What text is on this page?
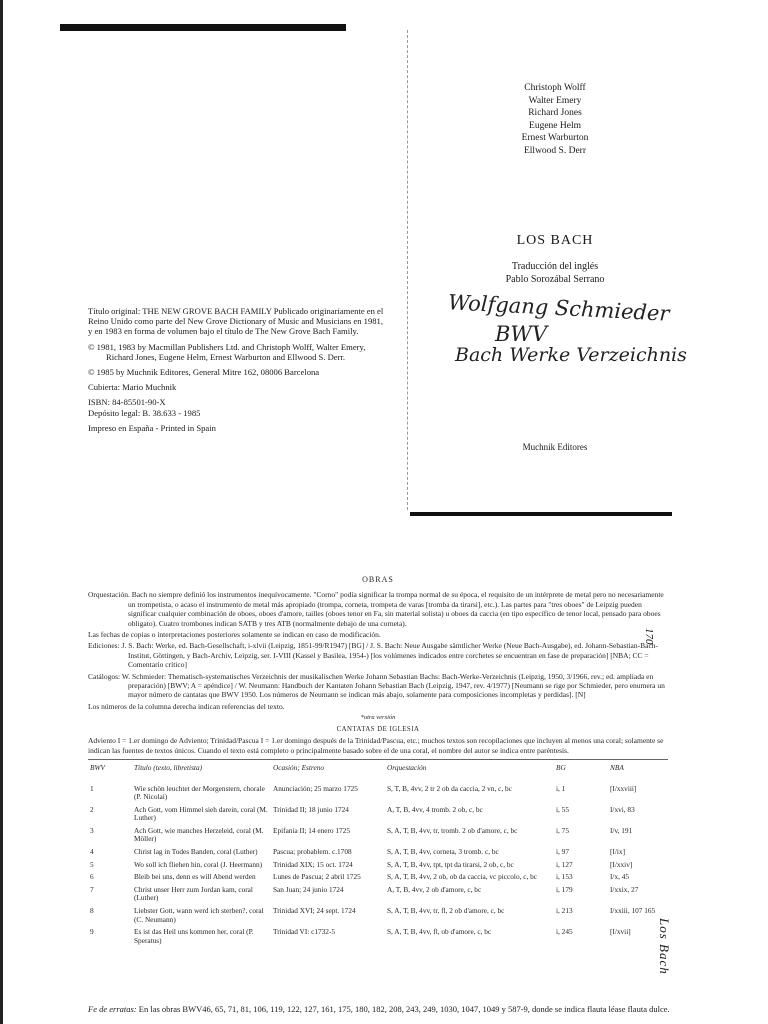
Christoph Wolff
Walter Emery
Richard Jones
Eugene Helm
Ernest Warburton
Ellwood S. Derr
LOS BACH
Traducción del inglés
Pablo Sorozábal Serrano
Wolfgang Schmieder
BWV
Bach Werke Verzeichnis
Muchnik Editores

Título original: THE NEW GROVE BACH FAMILY Publicado originariamente en el Reino Unido como parte del New Grove Dictionary of Music and Musicians en 1981, y en 1983 en forma de volumen bajo el título de The New Grove Bach Family.

© 1981, 1983 by Macmillan Publishers Ltd. and Christoph Wolff, Walter Emery, Richard Jones, Eugene Helm, Ernest Warburton and Ellwood S. Derr.

© 1985 by Muchnik Editores, General Mitre 162, 08006 Barcelona

Cubierta: Mario Muchnik

ISBN: 84-85501-90-X

Depósito legal: B. 38.633 - 1985

Impreso en España - Printed in Spain

OBRAS

Orquestación. Bach no siempre definió los instrumentos inequívocamente. "Corno" podía significar la trompa normal de su época, el requisito de un intérprete de metal pero no necesariamente un trompetista, o acaso el instrumento de metal más apropiado (trompa, corneta, trompeta de varas [tromba da tirarsi], etc.). Las partes para "tres oboes" de Leipzig pueden significar cualquier combinación de oboes, oboes d'amore, tailles (oboes tenor en Fa, sin material solista) u oboes da caccia (en tipo específico de tenor local, pensado para oboes obligato). Cuatro trombones indican SATB y tres ATB (normalmente debajo de una corneta).

Las fechas de copias o interpretaciones posteriores solamente se indican en caso de modificación.

Ediciones: J. S. Bach: Werke, ed. Bach-Gesellschaft, i-xlvii (Leipzig, 1851-99/R1947) [BG] / J. S. Bach: Neue Ausgabe sämtlicher Werke (Neue Bach-Ausgabe), ed. Johann-Sebastian-Bach-Institut, Göttingen, y Bach-Archiv, Leipzig, ser. I-VIII (Kassel y Basilea, 1954-) [los volúmenes indicados entre corchetes se encuentran en fase de preparación] [NBA; CC = Comentario crítico]

Catálogos: W. Schmieder: Thematisch-systematisches Verzeichnis der musikalischen Werke Johann Sebastian Bachs: Bach-Werke-Verzeichnis (Leipzig, 1950, 3/1966, rev.; ed. ampliada en preparación) [BWV; A = apéndice] / W. Neumann: Handbuch der Kantaten Johann Sebastian Bach (Leipzig, 1947, rev. 4/1977) [Neumann se rige por Schmieder, pero enumera un mayor número de cantatas que BWV 1950. Los números de Neumann se indican más abajo, solamente para composiciones incompletas y perdidas]. [N]

Los números de la columna derecha indican referencias del texto.

*otra versión

CANTATAS DE IGLESIA

Adviento I = 1.er domingo de Adviento; Trinidad/Pascua I = 1.er domingo después de la Trinidad/Pascua, etc.; muchos textos son recopilaciones que incluyen al menos una coral; solamente se indican las fuentes de textos únicos. Cuando el texto está completo o principalmente basado sobre el de una coral, el nombre del autor se indica entre paréntesis.

BWV	Título (texto, libretista)	Ocasión; Estreno	Orquestación	BG	NBA
1	Wie schön leuchtet der Morgenstern, chorale (P. Nicolai)	Anunciación; 25 marzo 1725	S, T, B, 4vv, 2 tr 2 ob da caccia, 2 vn, c, bc	i, 1	[I/xxviii]
2	Ach Gott, vom Himmel sieh darein, coral (M. Luther)	Trinidad II; 18 junio 1724	A, T, B, 4vv, 4 tromb. 2 ob, c, bc	i, 55	I/xvi, 83
3	Ach Gott, wie manches Herzeleid, coral (M. Möller)	Epifanía II; 14 enero 1725	S, A, T, B, 4vv, tr, tromb. 2 ob d'amore, c, bc	i, 75	I/v, 191
4	Christ lag in Todes Banden, coral (Luther)	Pascua; probablem. c.1708	S, A, T, B, 4vv, corneta, 3 tromb. c, bc	i, 97	[I/ix]
5	Wo soll ich fliehen hin, coral (J. Heermann)	Trinidad XIX; 15 oct. 1724	S, A, T, B, 4vv, tpt, tpt da tirarsi, 2 ob, c, bc	i, 127	[I/xxiv]
6	Bleib bei uns, denn es will Abend werden	Lunes de Pascua; 2 abril 1725	S, A, T, B, 4vv, 2 ob, ob da caccia, vc piccolo, c, bc	i, 153	I/x, 45
7	Christ unser Herr zum Jordan kam, coral (Luther)	San Juan; 24 junio 1724	A, T, B, 4vv, 2 ob d'amore, c, bc	i, 179	I/xxix, 27
8	Liebster Gott, wann werd ich sterben?, coral (C. Neumann)	Trinidad XVI; 24 sept. 1724	S, A, T, B, 4vv, tr, fl, 2 ob d'amore, c, bc	i, 213	I/xxiii, 107 165
9	Es ist das Heil uns kommen her, coral (P. Speratus)	Trinidad VI: c1732-5	S, A, T, B, 4vv, fl, ob d'amore, c, bc	i, 245	[I/xvii]
170
Los Bach
Fe de erratas: En las obras BWV46, 65, 71, 81, 106, 119, 122, 127, 161, 175, 180, 182, 208, 243, 249, 1030, 1047, 1049 y 587-9, donde se indica flauta léase flauta dulce.
